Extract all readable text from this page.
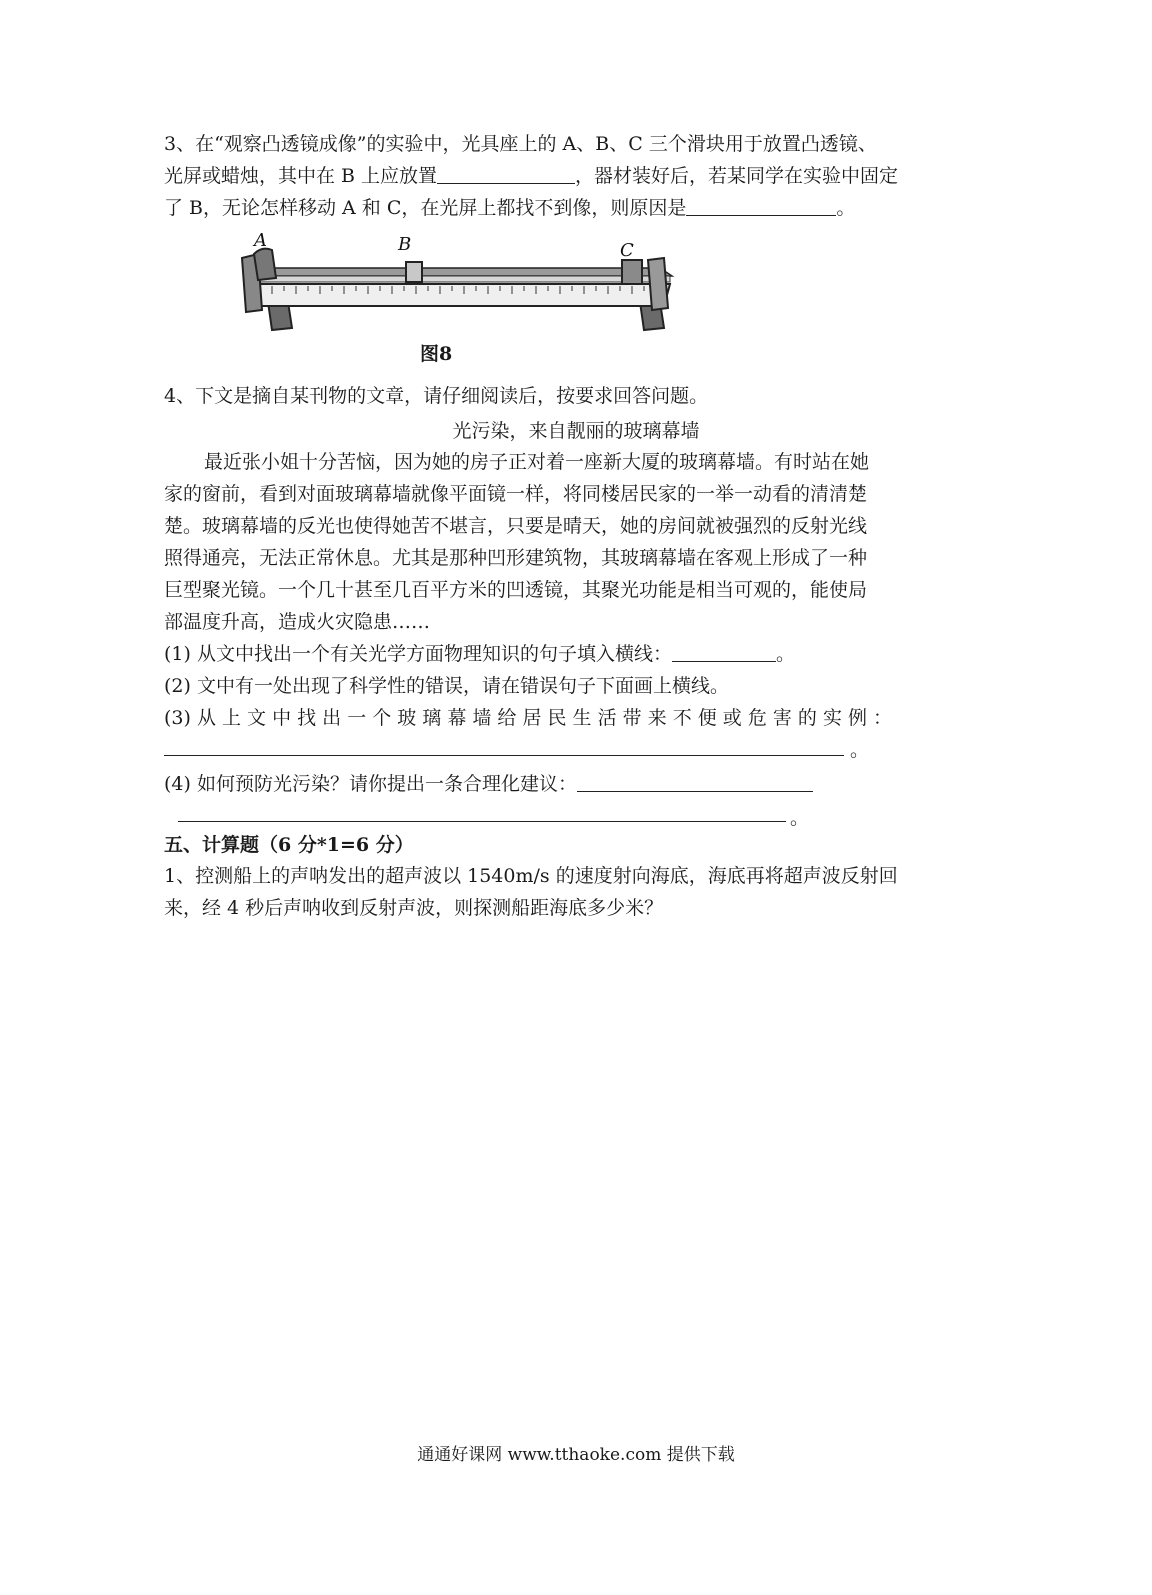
3、在“观察凸透镜成像”的实验中，光具座上的 A、B、C 三个滑块用于放置凸透镜、
光屏或蜡烛，其中在 B 上应放置	，器材装好后，若某同学在实验中固定
了 B，无论怎样移动 A 和 C，在光屏上都找不到像，则原因是	。
A	B	C
图8
4、下文是摘自某刊物的文章，请仔细阅读后，按要求回答问题。
光污染，来自靓丽的玻璃幕墙
最近张小姐十分苦恼，因为她的房子正对着一座新大厦的玻璃幕墙。有时站在她
家的窗前，看到对面玻璃幕墙就像平面镜一样，将同楼居民家的一举一动看的清清楚
楚。玻璃幕墙的反光也使得她苦不堪言，只要是晴天，她的房间就被强烈的反射光线
照得通亮，无法正常休息。尤其是那种凹形建筑物，其玻璃幕墙在客观上形成了一种
巨型聚光镜。一个几十甚至几百平方米的凹透镜，其聚光功能是相当可观的，能使局
部温度升高，造成火灾隐患……
(1) 从文中找出一个有关光学方面物理知识的句子填入横线：	。
(2) 文中有一处出现了科学性的错误，请在错误句子下面画上横线。
(3) 从 上 文 中 找 出 一 个 玻 璃 幕 墙 给 居 民 生 活 带 来 不 便 或 危 害 的 实 例 ：
。
(4) 如何预防光污染？请你提出一条合理化建议：
。
五、计算题（6 分*1=6 分）
1、控测船上的声呐发出的超声波以 1540m/s 的速度射向海底，海底再将超声波反射回
来，经 4 秒后声呐收到反射声波，则探测船距海底多少米？
通通好课网 www.tthaoke.com 提供下载
